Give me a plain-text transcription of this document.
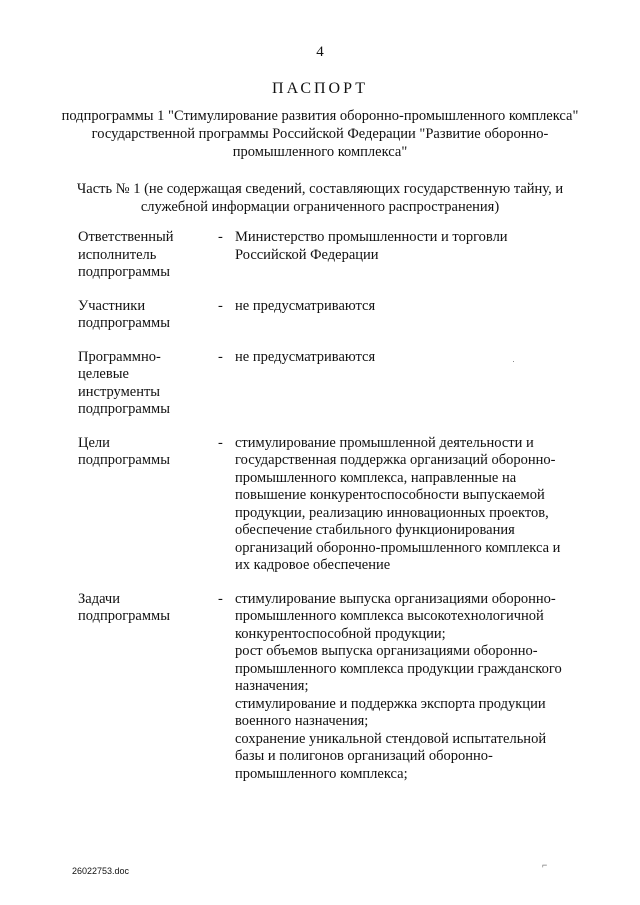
4
ПАСПОРТ
подпрограммы 1 "Стимулирование развития оборонно-промышленного комплекса" государственной программы Российской Федерации "Развитие оборонно-промышленного комплекса"
Часть № 1 (не содержащая сведений, составляющих государственную тайну, и служебной информации ограниченного распространения)
Ответственный исполнитель подпрограммы
- Министерство промышленности и торговли Российской Федерации
Участники подпрограммы
- не предусматриваются
Программно-целевые инструменты подпрограммы
- не предусматриваются
Цели подпрограммы
- стимулирование промышленной деятельности и государственная поддержка организаций оборонно-промышленного комплекса, направленные на повышение конкурентоспособности выпускаемой продукции, реализацию инновационных проектов, обеспечение стабильного функционирования организаций оборонно-промышленного комплекса и их кадровое обеспечение
Задачи подпрограммы
- стимулирование выпуска организациями оборонно-промышленного комплекса высокотехнологичной конкурентоспособной продукции;
рост объемов выпуска организациями оборонно-промышленного комплекса продукции гражданского назначения;
стимулирование и поддержка экспорта продукции военного назначения;
сохранение уникальной стендовой испытательной базы и полигонов организаций оборонно-промышленного комплекса;
26022753.doc
·
⌐
